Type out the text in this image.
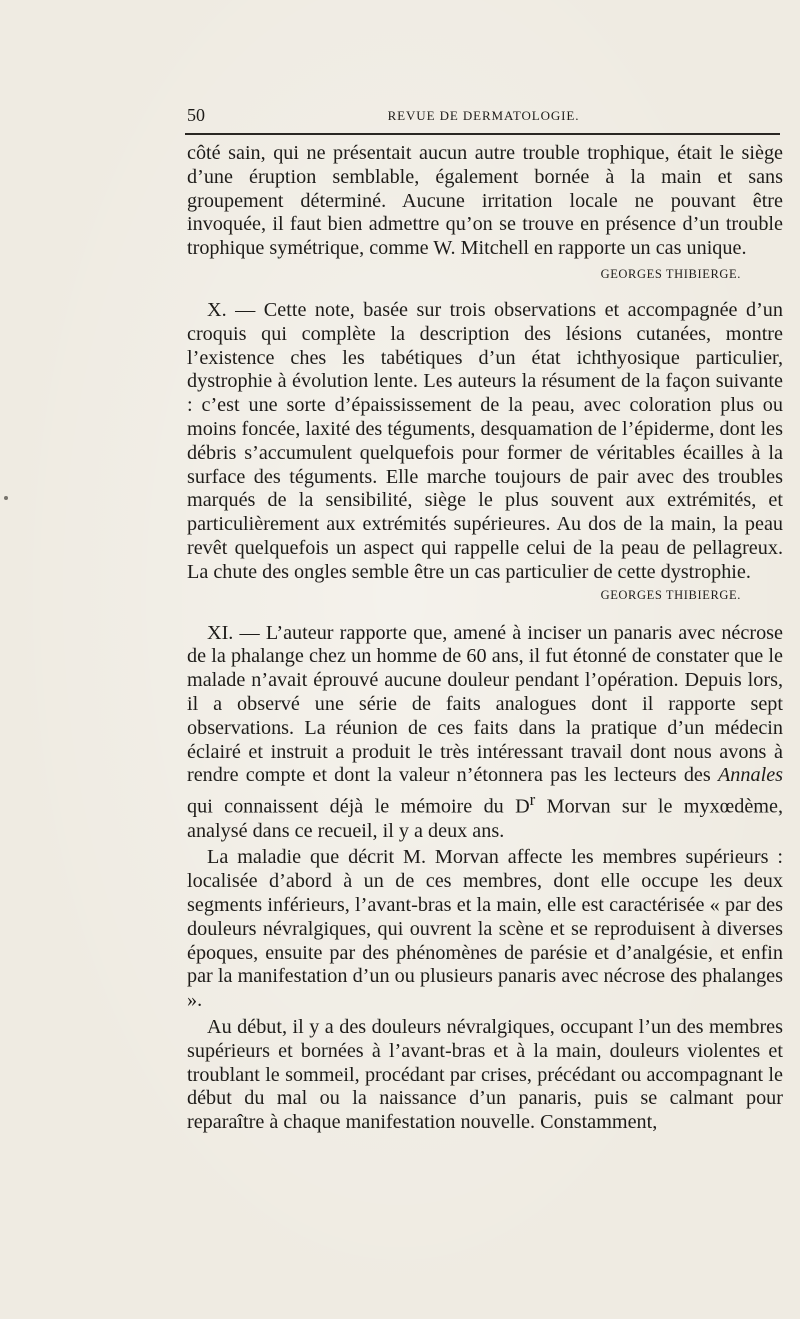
50	REVUE DE DERMATOLOGIE.

côté sain, qui ne présentait aucun autre trouble trophique, était le siège d’une éruption semblable, également bornée à la main et sans groupement déterminé. Aucune irritation locale ne pouvant être invoquée, il faut bien admettre qu’on se trouve en présence d’un trouble trophique symétrique, comme W. Mitchell en rapporte un cas unique.

GEORGES THIBIERGE.

X. — Cette note, basée sur trois observations et accompagnée d’un croquis qui complète la description des lésions cutanées, montre l’existence ches les tabétiques d’un état ichthyosique particulier, dystrophie à évolution lente. Les auteurs la résument de la façon suivante : c’est une sorte d’épaississement de la peau, avec coloration plus ou moins foncée, laxité des téguments, desquamation de l’épiderme, dont les débris s’accumulent quelquefois pour former de véritables écailles à la surface des téguments. Elle marche toujours de pair avec des troubles marqués de la sensibilité, siège le plus souvent aux extrémités, et particulièrement aux extrémités supérieures. Au dos de la main, la peau revêt quelquefois un aspect qui rappelle celui de la peau de pellagreux. La chute des ongles semble être un cas particulier de cette dystrophie.

GEORGES THIBIERGE.

XI. — L’auteur rapporte que, amené à inciser un panaris avec nécrose de la phalange chez un homme de 60 ans, il fut étonné de constater que le malade n’avait éprouvé aucune douleur pendant l’opération. Depuis lors, il a observé une série de faits analogues dont il rapporte sept observations. La réunion de ces faits dans la pratique d’un médecin éclairé et instruit a produit le très intéressant travail dont nous avons à rendre compte et dont la valeur n’étonnera pas les lecteurs des Annales qui connaissent déjà le mémoire du $D^r$ Morvan sur le myxœdème, analysé dans ce recueil, il y a deux ans.

La maladie que décrit M. Morvan affecte les membres supérieurs : localisée d’abord à un de ces membres, dont elle occupe les deux segments inférieurs, l’avant-bras et la main, elle est caractérisée « par des douleurs névralgiques, qui ouvrent la scène et se reproduisent à diverses époques, ensuite par des phénomènes de parésie et d’analgésie, et enfin par la manifestation d’un ou plusieurs panaris avec nécrose des phalanges ».

Au début, il y a des douleurs névralgiques, occupant l’un des membres supérieurs et bornées à l’avant-bras et à la main, douleurs violentes et troublant le sommeil, procédant par crises, précédant ou accompagnant le début du mal ou la naissance d’un panaris, puis se calmant pour reparaître à chaque manifestation nouvelle. Constamment,
